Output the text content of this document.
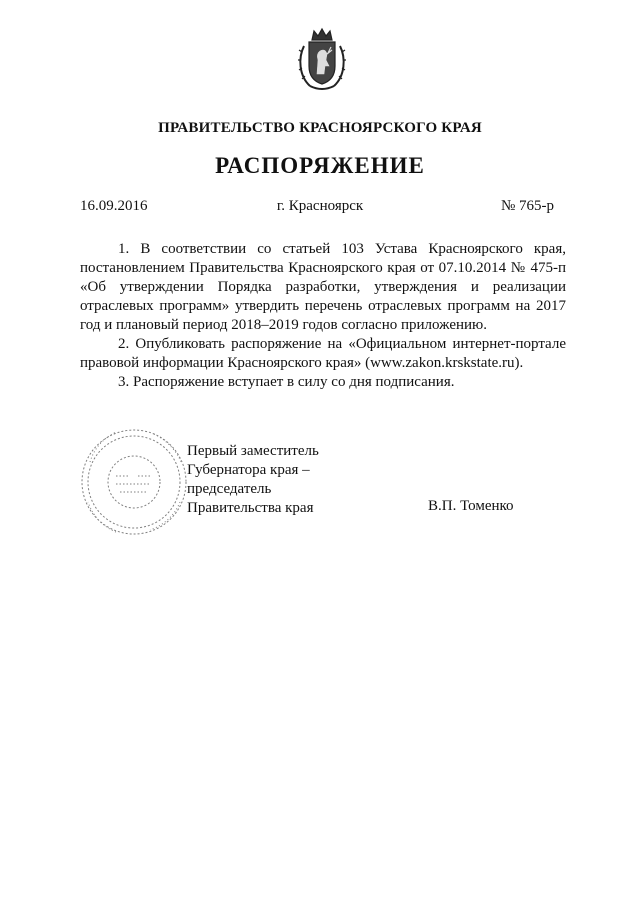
ПРАВИТЕЛЬСТВО КРАСНОЯРСКОГО КРАЯ
РАСПОРЯЖЕНИЕ
16.09.2016	г. Красноярск	№ 765-р

1. В соответствии со статьей 103 Устава Красноярского края, постановлением Правительства Красноярского края от 07.10.2014 № 475-п «Об утверждении Порядка разработки, утверждения и реализации отраслевых программ» утвердить перечень отраслевых программ на 2017 год и плановый период 2018–2019 годов согласно приложению.

2. Опубликовать распоряжение на «Официальном интернет-портале правовой информации Красноярского края» (www.zakon.krskstate.ru).

3. Распоряжение вступает в силу со дня подписания.

Первый заместитель
Губернатора края –
председатель
Правительства края	В.П. Томенко
